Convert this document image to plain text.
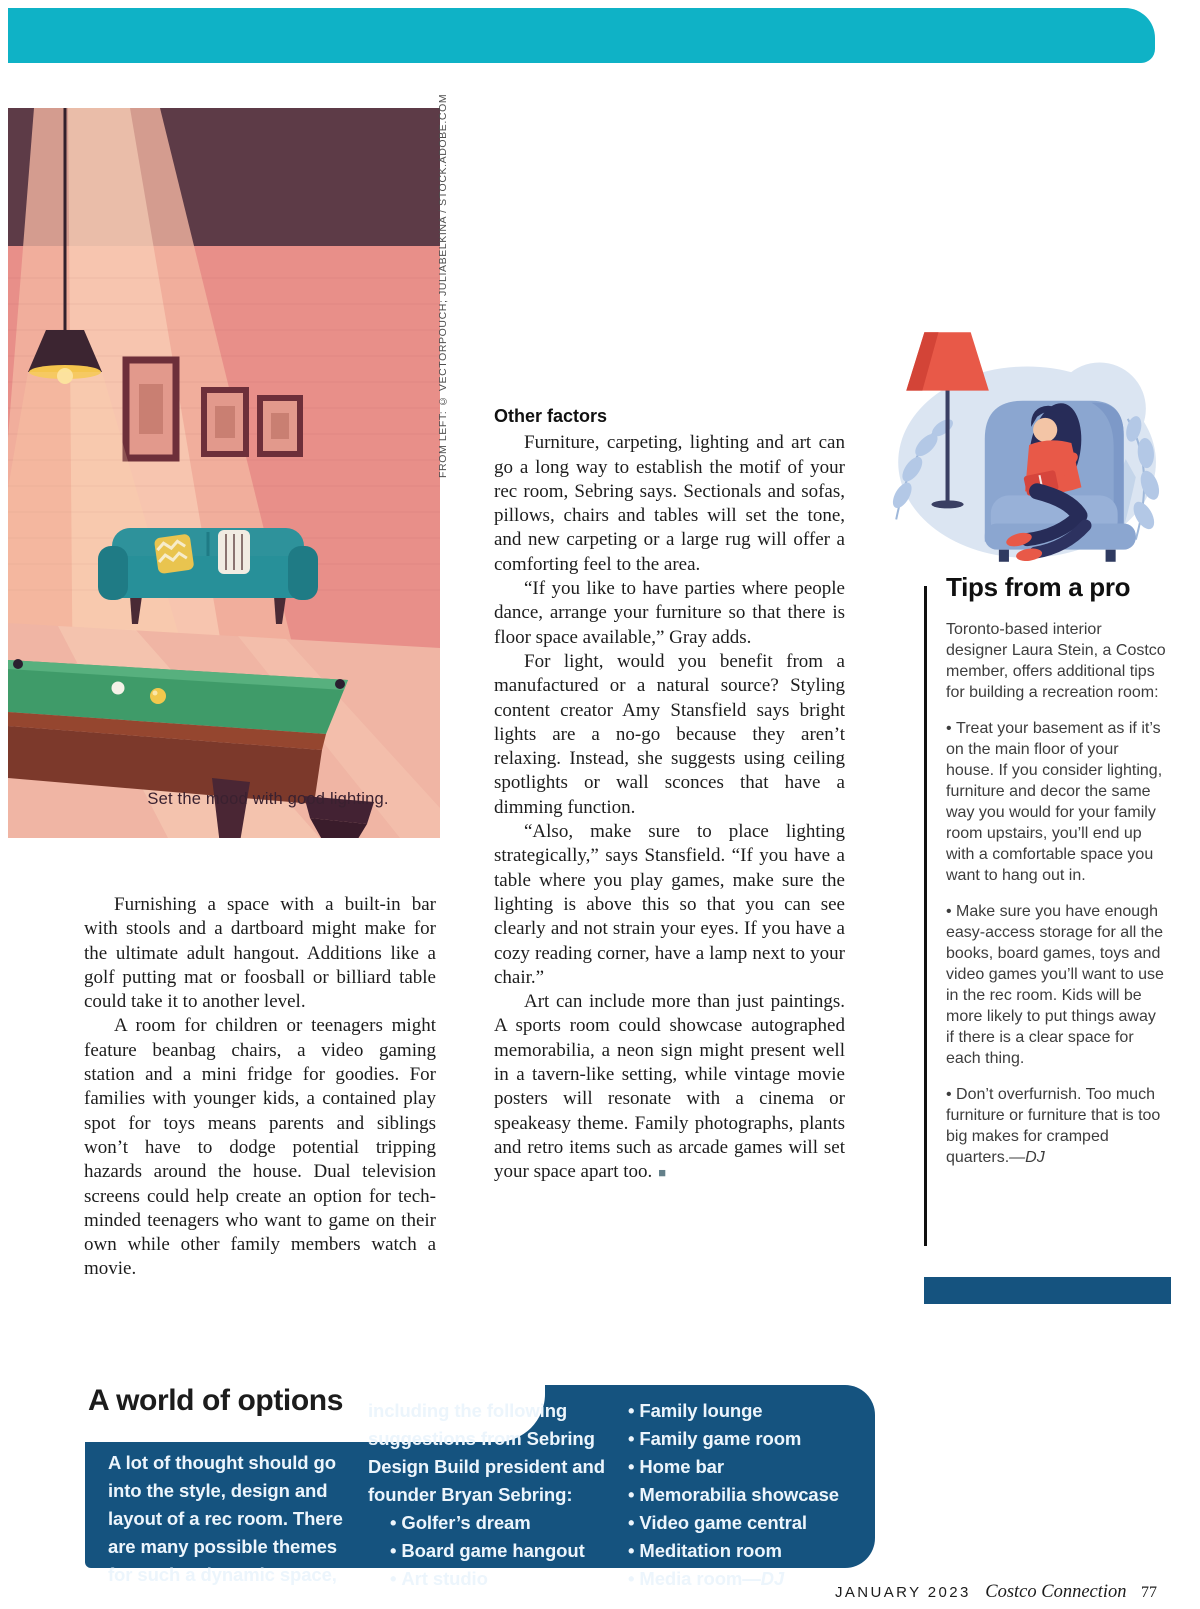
Set the mood with good lighting.
FROM LEFT: © VECTORPOUCH; JULIABELKINA / STOCK.ADOBE.COM

Furnishing a space with a built-in bar with stools and a dartboard might make for the ultimate adult hangout. Additions like a golf putting mat or foosball or billiard table could take it to another level.

A room for children or teenagers might feature beanbag chairs, a video gaming station and a mini fridge for goodies. For families with younger kids, a contained play spot for toys means parents and siblings won’t have to dodge potential tripping hazards around the house. Dual television screens could help create an option for tech-minded teenagers who want to game on their own while other family members watch a movie.

Other factors

Furniture, carpeting, lighting and art can go a long way to establish the motif of your rec room, Sebring says. Sectionals and sofas, pillows, chairs and tables will set the tone, and new carpeting or a large rug will offer a comforting feel to the area.

“If you like to have parties where people dance, arrange your furniture so that there is floor space available,” Gray adds.

For light, would you benefit from a manufactured or a natural source? Styling content creator Amy Stansfield says bright lights are a no-go because they aren’t relaxing. Instead, she suggests using ceiling spotlights or wall sconces that have a dimming function.

“Also, make sure to place lighting strategically,” says Stansfield. “If you have a table where you play games, make sure the lighting is above this so that you can see clearly and not strain your eyes. If you have a cozy reading corner, have a lamp next to your chair.”

Art can include more than just paintings. A sports room could showcase autographed memorabilia, a neon sign might present well in a tavern-like setting, while vintage movie posters will resonate with a cinema or speakeasy theme. Family photographs, plants and retro items such as arcade games will set your space apart too. ■

Tips from a pro

Toronto-based interior designer Laura Stein, a Costco member, offers additional tips for building a recreation room:

• Treat your basement as if it’s on the main floor of your house. If you consider lighting, furniture and decor the same way you would for your family room upstairs, you’ll end up with a comfortable space you want to hang out in.

• Make sure you have enough easy-access storage for all the books, board games, toys and video games you’ll want to use in the rec room. Kids will be more likely to put things away if there is a clear space for each thing.

• Don’t overfurnish. Too much furniture or furniture that is too big makes for cramped quarters.—DJ

A world of options

A lot of thought should go into the style, design and layout of a rec room. There are many possible themes for such a dynamic space,

including the following suggestions from Sebring Design Build president and founder Bryan Sebring:

• Golfer’s dream

• Board game hangout

• Art studio

• Family lounge

• Family game room

• Home bar

• Memorabilia showcase

• Video game central

• Meditation room

• Media room—DJ

JANUARY 2023 Costco Connection 77
